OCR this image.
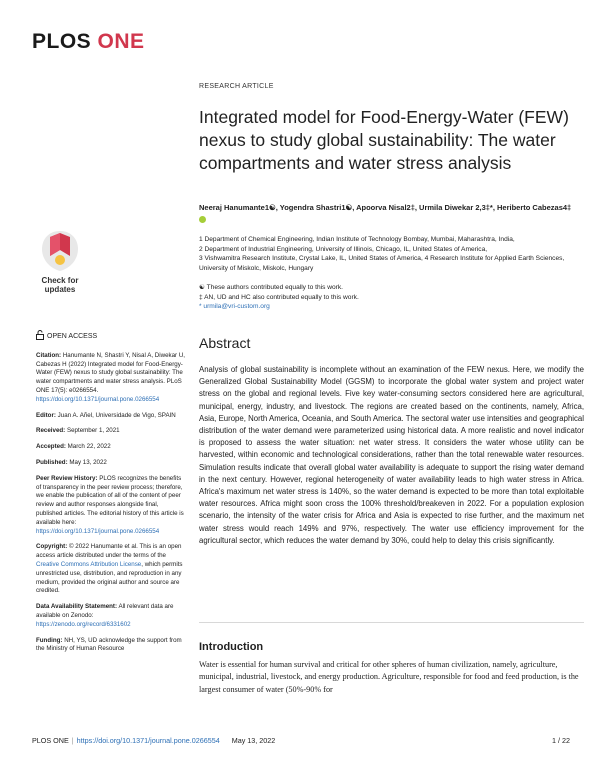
PLOS ONE
RESEARCH ARTICLE
Integrated model for Food-Energy-Water (FEW) nexus to study global sustainability: The water compartments and water stress analysis
Neeraj Hanumante1☯, Yogendra Shastri1☯, Apoorva Nisal2‡, Urmila Diwekar 2,3‡*, Heriberto Cabezas4‡
1 Department of Chemical Engineering, Indian Institute of Technology Bombay, Mumbai, Maharashtra, India,
2 Department of Industrial Engineering, University of Illinois, Chicago, IL, United States of America,
3 Vishwamitra Research Institute, Crystal Lake, IL, United States of America, 4 Research Institute for Applied Earth Sciences, University of Miskolc, Miskolc, Hungary
☯ These authors contributed equally to this work.
‡ AN, UD and HC also contributed equally to this work.
* urmila@vri-custom.org
Check for updates
OPEN ACCESS

Citation: Hanumante N, Shastri Y, Nisal A, Diwekar U, Cabezas H (2022) Integrated model for Food-Energy-Water (FEW) nexus to study global sustainability: The water compartments and water stress analysis. PLoS ONE 17(5): e0266554. https://doi.org/10.1371/journal.pone.0266554

Editor: Juan A. Añel, Universidade de Vigo, SPAIN

Received: September 1, 2021

Accepted: March 22, 2022

Published: May 13, 2022

Peer Review History: PLOS recognizes the benefits of transparency in the peer review process; therefore, we enable the publication of all of the content of peer review and author responses alongside final, published articles. The editorial history of this article is available here: https://doi.org/10.1371/journal.pone.0266554

Copyright: © 2022 Hanumante et al. This is an open access article distributed under the terms of the Creative Commons Attribution License, which permits unrestricted use, distribution, and reproduction in any medium, provided the original author and source are credited.

Data Availability Statement: All relevant data are available on Zenodo: https://zenodo.org/record/6331602

Funding: NH, YS, UD acknowledge the support from the Ministry of Human Resource

Abstract
Analysis of global sustainability is incomplete without an examination of the FEW nexus. Here, we modify the Generalized Global Sustainability Model (GGSM) to incorporate the global water system and project water stress on the global and regional levels. Five key water-consuming sectors considered here are agricultural, municipal, energy, industry, and livestock. The regions are created based on the continents, namely, Africa, Asia, Europe, North America, Oceania, and South America. The sectoral water use intensities and geographical distribution of the water demand were parameterized using historical data. A more realistic and novel indicator is proposed to assess the water situation: net water stress. It considers the water whose utility can be harvested, within economic and technological considerations, rather than the total renewable water resources. Simulation results indicate that overall global water availability is adequate to support the rising water demand in the next century. However, regional heterogeneity of water availability leads to high water stress in Africa. Africa's maximum net water stress is 140%, so the water demand is expected to be more than total exploitable water resources. Africa might soon cross the 100% threshold/breakeven in 2022. For a population explosion scenario, the intensity of the water crisis for Africa and Asia is expected to rise further, and the maximum net water stress would reach 149% and 97%, respectively. The water use efficiency improvement for the agricultural sector, which reduces the water demand by 30%, could help to delay this crisis significantly.
Introduction
Water is essential for human survival and critical for other spheres of human civilization, namely, agriculture, municipal, industrial, livestock, and energy production. Agriculture, responsible for food and feed production, is the largest consumer of water (50%-90% for
PLOS ONE | https://doi.org/10.1371/journal.pone.0266554 May 13, 2022	1 / 22
